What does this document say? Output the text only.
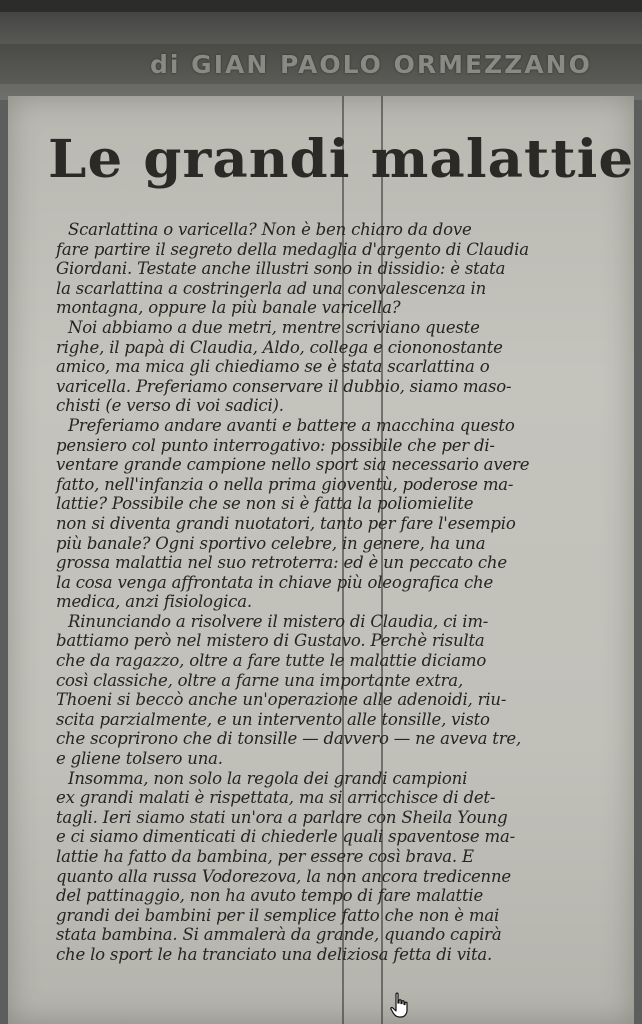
di GIAN PAOLO ORMEZZANO
Le grandi malattie
Scarlattina o varicella? Non è ben chiaro da dove
fare partire il segreto della medaglia d'argento di Claudia
Giordani. Testate anche illustri sono in dissidio: è stata
la scarlattina a costringerla ad una convalescenza in
montagna, oppure la più banale varicella?
Noi abbiamo a due metri, mentre scriviano queste
righe, il papà di Claudia, Aldo, collega e ciononostante
amico, ma mica gli chiediamo se è stata scarlattina o
varicella. Preferiamo conservare il dubbio, siamo maso-
chisti (e verso di voi sadici).
Preferiamo andare avanti e battere a macchina questo
pensiero col punto interrogativo: possibile che per di-
ventare grande campione nello sport sia necessario avere
fatto, nell'infanzia o nella prima gioventù, poderose ma-
lattie? Possibile che se non si è fatta la poliomielite
non si diventa grandi nuotatori, tanto per fare l'esempio
più banale? Ogni sportivo celebre, in genere, ha una
grossa malattia nel suo retroterra: ed è un peccato che
la cosa venga affrontata in chiave più oleografica che
medica, anzi fisiologica.
Rinunciando a risolvere il mistero di Claudia, ci im-
battiamo però nel mistero di Gustavo. Perchè risulta
che da ragazzo, oltre a fare tutte le malattie diciamo
così classiche, oltre a farne una importante extra,
Thoeni si beccò anche un'operazione alle adenoidi, riu-
scita parzialmente, e un intervento alle tonsille, visto
che scoprirono che di tonsille — davvero — ne aveva tre,
e gliene tolsero una.
Insomma, non solo la regola dei grandi campioni
ex grandi malati è rispettata, ma si arricchisce di det-
tagli. Ieri siamo stati un'ora a parlare con Sheila Young
e ci siamo dimenticati di chiederle quali spaventose ma-
lattie ha fatto da bambina, per essere così brava. E
quanto alla russa Vodorezova, la non ancora tredicenne
del pattinaggio, non ha avuto tempo di fare malattie
grandi dei bambini per il semplice fatto che non è mai
stata bambina. Si ammalerà da grande, quando capirà
che lo sport le ha tranciato una deliziosa fetta di vita.
